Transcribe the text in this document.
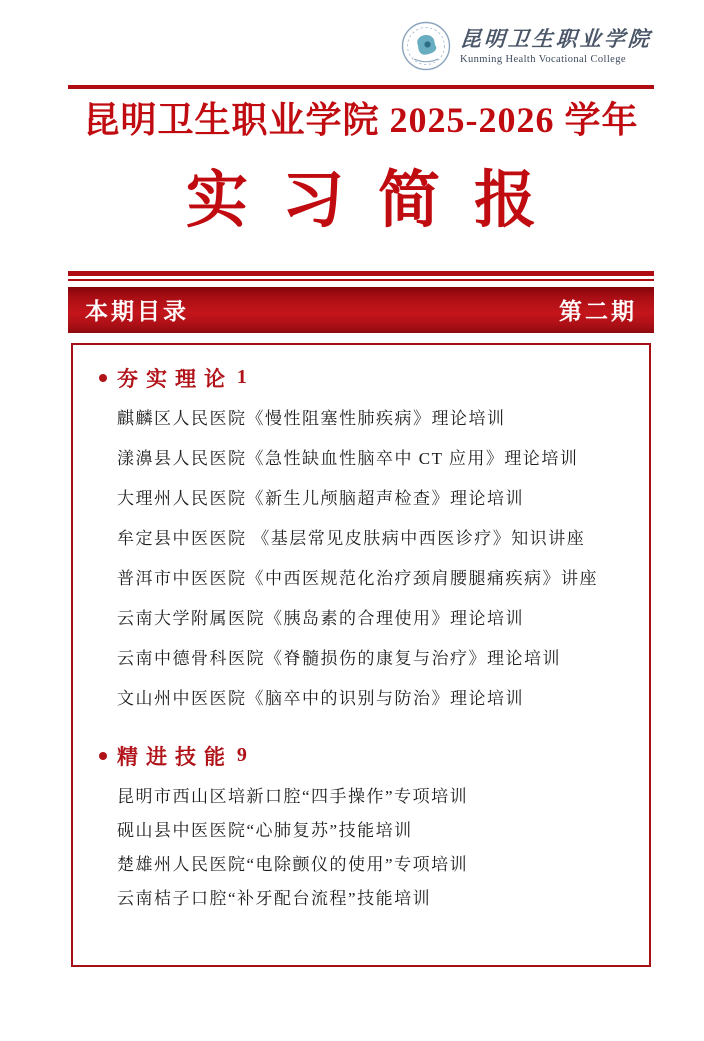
昆明卫生职业学院
Kunming Health Vocational College
昆明卫生职业学院 2025-2026 学年
实习简报
本期目录	第二期
夯实理论 1
麒麟区人民医院《慢性阻塞性肺疾病》理论培训
漾濞县人民医院《急性缺血性脑卒中 CT 应用》理论培训
大理州人民医院《新生儿颅脑超声检查》理论培训
牟定县中医医院 《基层常见皮肤病中西医诊疗》知识讲座
普洱市中医医院《中西医规范化治疗颈肩腰腿痛疾病》讲座
云南大学附属医院《胰岛素的合理使用》理论培训
云南中德骨科医院《脊髓损伤的康复与治疗》理论培训
文山州中医医院《脑卒中的识别与防治》理论培训
精进技能 9
昆明市西山区培新口腔“四手操作”专项培训
砚山县中医医院“心肺复苏”技能培训
楚雄州人民医院“电除颤仪的使用”专项培训
云南桔子口腔“补牙配台流程”技能培训
